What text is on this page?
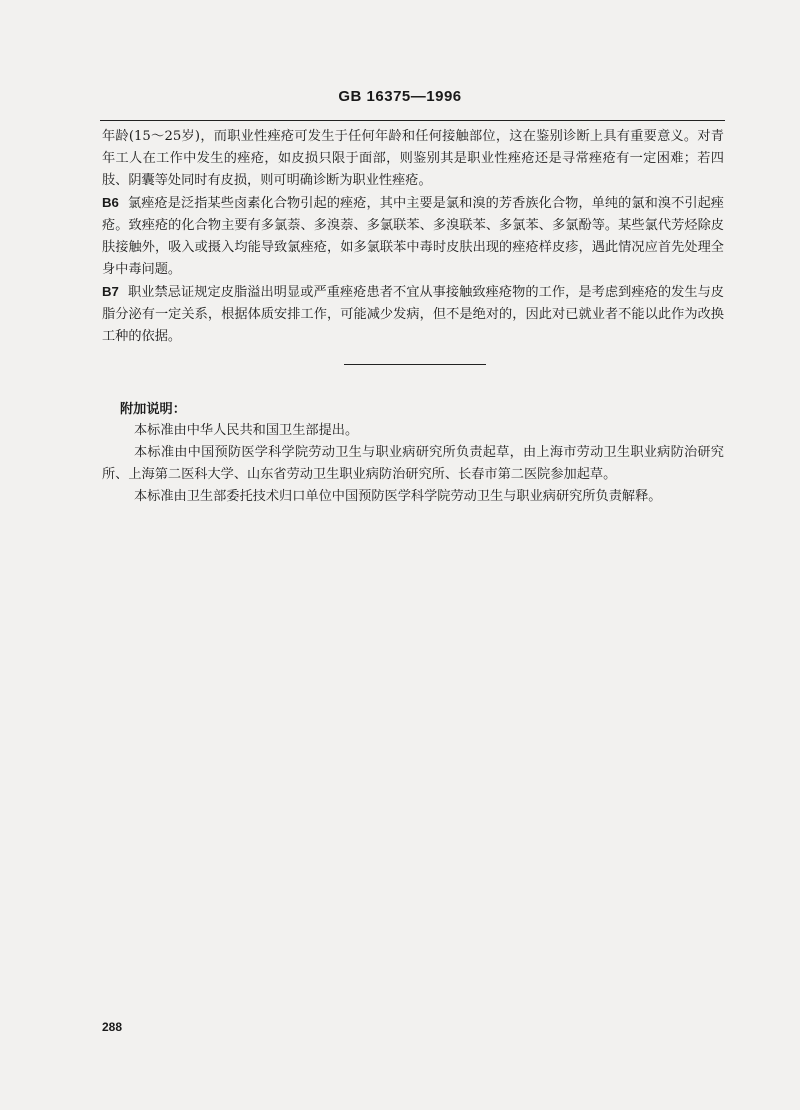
GB 16375—1996

年龄(15～25岁)，而职业性痤疮可发生于任何年龄和任何接触部位，这在鉴别诊断上具有重要意义。对青年工人在工作中发生的痤疮，如皮损只限于面部，则鉴别其是职业性痤疮还是寻常痤疮有一定困难；若四肢、阴囊等处同时有皮损，则可明确诊断为职业性痤疮。

B6 氯痤疮是泛指某些卤素化合物引起的痤疮，其中主要是氯和溴的芳香族化合物，单纯的氯和溴不引起痤疮。致痤疮的化合物主要有多氯萘、多溴萘、多氯联苯、多溴联苯、多氯苯、多氯酚等。某些氯代芳烃除皮肤接触外，吸入或摄入均能导致氯痤疮，如多氯联苯中毒时皮肤出现的痤疮样皮疹，遇此情况应首先处理全身中毒问题。

B7 职业禁忌证规定皮脂溢出明显或严重痤疮患者不宜从事接触致痤疮物的工作，是考虑到痤疮的发生与皮脂分泌有一定关系，根据体质安排工作，可能减少发病，但不是绝对的，因此对已就业者不能以此作为改换工种的依据。

附加说明：

本标准由中华人民共和国卫生部提出。

本标准由中国预防医学科学院劳动卫生与职业病研究所负责起草，由上海市劳动卫生职业病防治研究所、上海第二医科大学、山东省劳动卫生职业病防治研究所、长春市第二医院参加起草。

本标准由卫生部委托技术归口单位中国预防医学科学院劳动卫生与职业病研究所负责解释。

288
